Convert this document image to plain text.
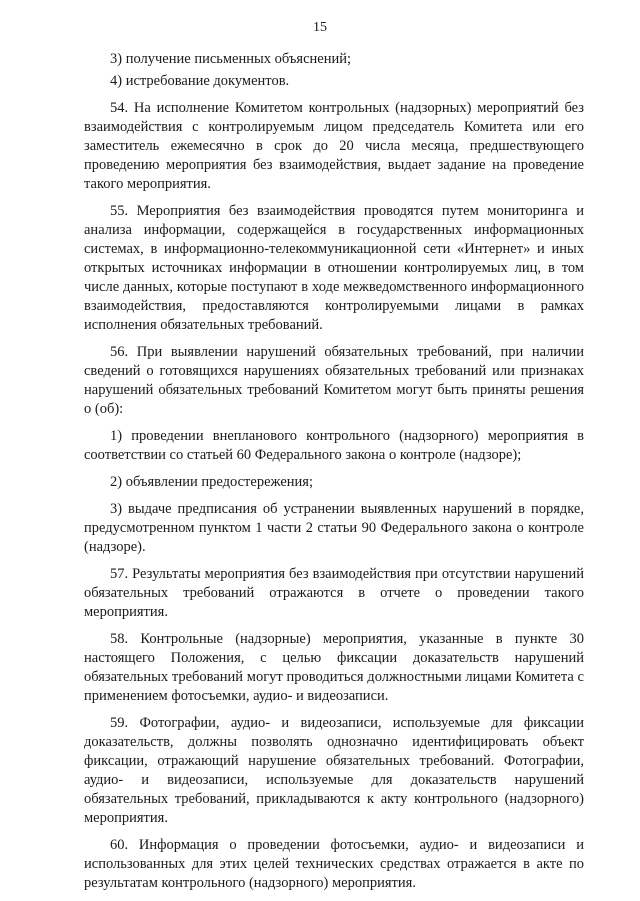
15

3) получение письменных объяснений;

4) истребование документов.

54. На исполнение Комитетом контрольных (надзорных) мероприятий без взаимодействия с контролируемым лицом председатель Комитета или его заместитель ежемесячно в срок до 20 числа месяца, предшествующего проведению мероприятия без взаимодействия, выдает задание на проведение такого мероприятия.

55. Мероприятия без взаимодействия проводятся путем мониторинга и анализа информации, содержащейся в государственных информационных системах, в информационно-телекоммуникационной сети «Интернет» и иных открытых источниках информации в отношении контролируемых лиц, в том числе данных, которые поступают в ходе межведомственного информационного взаимодействия, предоставляются контролируемыми лицами в рамках исполнения обязательных требований.

56. При выявлении нарушений обязательных требований, при наличии сведений о готовящихся нарушениях обязательных требований или признаках нарушений обязательных требований Комитетом могут быть приняты решения о (об):

1) проведении внепланового контрольного (надзорного) мероприятия в соответствии со статьей 60 Федерального закона о контроле (надзоре);

2) объявлении предостережения;

3) выдаче предписания об устранении выявленных нарушений в порядке, предусмотренном пунктом 1 части 2 статьи 90 Федерального закона о контроле (надзоре).

57. Результаты мероприятия без взаимодействия при отсутствии нарушений обязательных требований отражаются в отчете о проведении такого мероприятия.

58. Контрольные (надзорные) мероприятия, указанные в пункте 30 настоящего Положения, с целью фиксации доказательств нарушений обязательных требований могут проводиться должностными лицами Комитета с применением фотосъемки, аудио- и видеозаписи.

59. Фотографии, аудио- и видеозаписи, используемые для фиксации доказательств, должны позволять однозначно идентифицировать объект фиксации, отражающий нарушение обязательных требований. Фотографии, аудио- и видеозаписи, используемые для доказательств нарушений обязательных требований, прикладываются к акту контрольного (надзорного) мероприятия.

60. Информация о проведении фотосъемки, аудио- и видеозаписи и использованных для этих целей технических средствах отражается в акте по результатам контрольного (надзорного) мероприятия.
